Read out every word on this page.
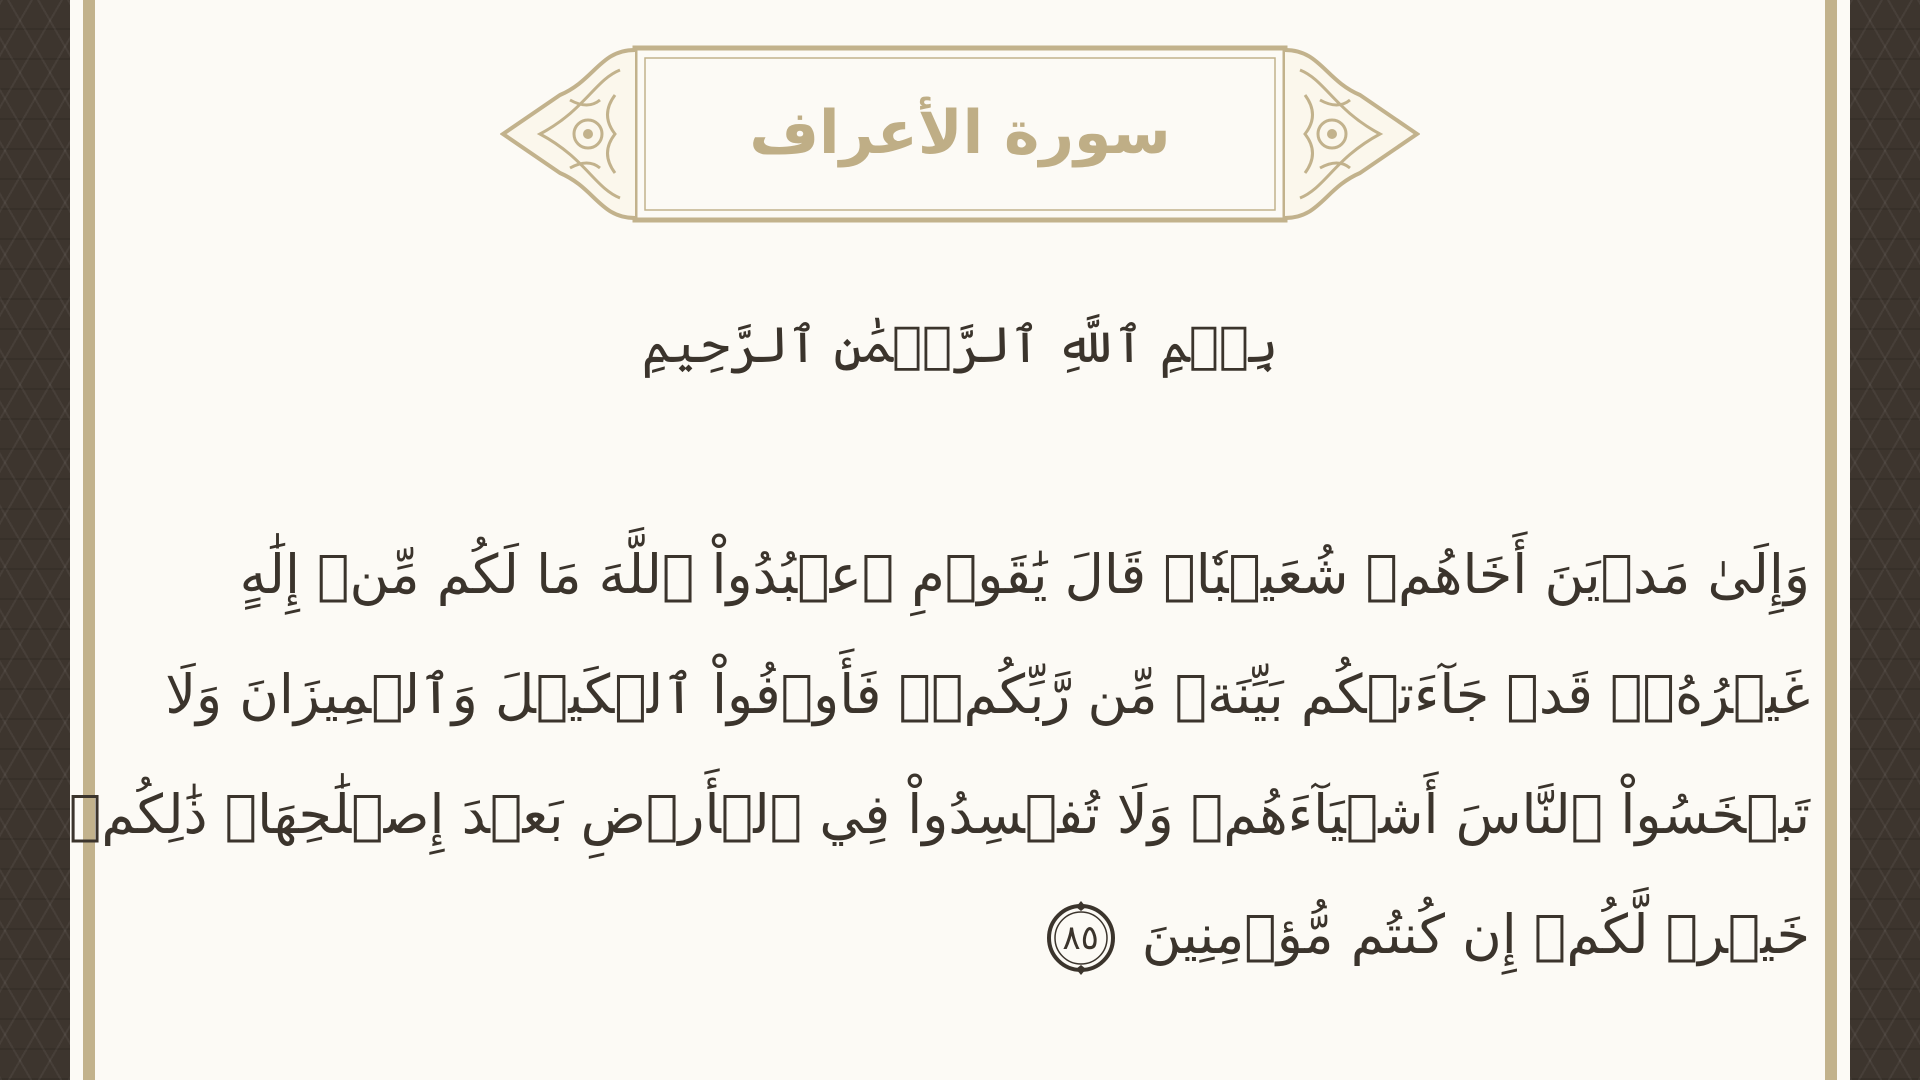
سورة الأعراف
بِسۡمِ ٱللَّهِ ٱلرَّحۡمَٰنِ ٱلرَّحِيمِ
وَإِلَىٰ مَدۡيَنَ أَخَاهُمۡ شُعَيۡبٗاۚ قَالَ يَٰقَوۡمِ ٱعۡبُدُواْ ٱللَّهَ مَا لَكُم مِّنۡ إِلَٰهٍ
غَيۡرُهُۥۖ قَدۡ جَآءَتۡكُم بَيِّنَةٞ مِّن رَّبِّكُمۡۖ فَأَوۡفُواْ ٱلۡكَيۡلَ وَٱلۡمِيزَانَ وَلَا
تَبۡخَسُواْ ٱلنَّاسَ أَشۡيَآءَهُمۡ وَلَا تُفۡسِدُواْ فِي ٱلۡأَرۡضِ بَعۡدَ إِصۡلَٰحِهَاۚ ذَٰلِكُمۡ
خَيۡرٞ لَّكُمۡ إِن كُنتُم مُّؤۡمِنِينَ
٨٥
